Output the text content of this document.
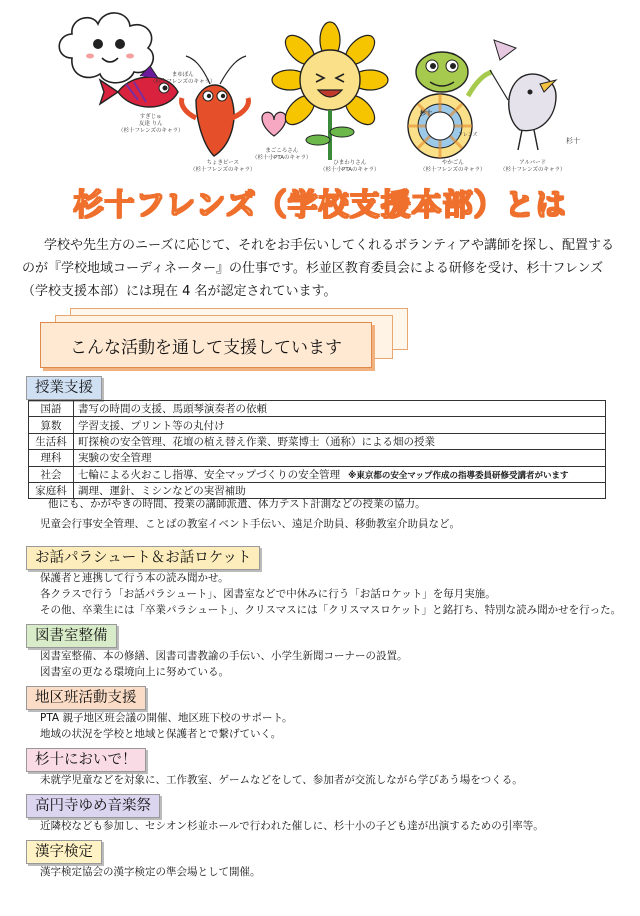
杉十
フレンズ
杉十
まゆぽん
（杉十フレンズのキャラ）
すぎじゅ
友達 りん
（杉十フレンズのキャラ）
ちょきピース
（杉十フレンズのキャラ）
まごころさん
（杉十小PTAのキャラ）
ひまわりさん
（杉十小PTAのキャラ）
やかごん
（杉十フレンズのキャラ）
アルバード
（杉十フレンズのキャラ）
杉十フレンズ（学校支援本部）とは

学校や先生方のニーズに応じて、それをお手伝いしてくれるボランティアや講師を探し、配置するのが『学校地域コーディネーター』の仕事です。杉並区教育委員会による研修を受け、杉十フレンズ（学校支援本部）には現在 4 名が認定されています。

こんな活動を通して支援しています
授業支援
国語	書写の時間の支援、馬頭琴演奏者の依頼
算数	学習支援、プリント等の丸付け
生活科	町探検の安全管理、花壇の植え替え作業、野菜博士（通称）による畑の授業
理科	実験の安全管理
社会	七輪による火おこし指導、安全マップづくりの安全管理 ※東京都の安全マップ作成の指導委員研修受講者がいます
家庭科	調理、運針、ミシンなどの実習補助

他にも、かがやきの時間、授業の講師派遣、体力テスト計測などの授業の協力。

児童会行事安全管理、ことばの教室イベント手伝い、遠足介助員、移動教室介助員など。

お話パラシュート＆お話ロケット

保護者と連携して行う本の読み聞かせ。

各クラスで行う「お話パラシュート」、図書室などで中休みに行う「お話ロケット」を毎月実施。

その他、卒業生には「卒業パラシュート」、クリスマスには「クリスマスロケット」と銘打ち、特別な読み聞かせを行った。

図書室整備

図書室整備、本の修繕、図書司書教諭の手伝い、小学生新聞コーナーの設置。

図書室の更なる環境向上に努めている。

地区班活動支援

PTA 親子地区班会議の開催、地区班下校のサポート。

地域の状況を学校と地域と保護者とで繋げていく。

杉十においで！

未就学児童などを対象に、工作教室、ゲームなどをして、参加者が交流しながら学びあう場をつくる。

高円寺ゆめ音楽祭

近隣校なども参加し、セシオン杉並ホールで行われた催しに、杉十小の子ども達が出演するための引率等。

漢字検定

漢字検定協会の漢字検定の準会場として開催。
